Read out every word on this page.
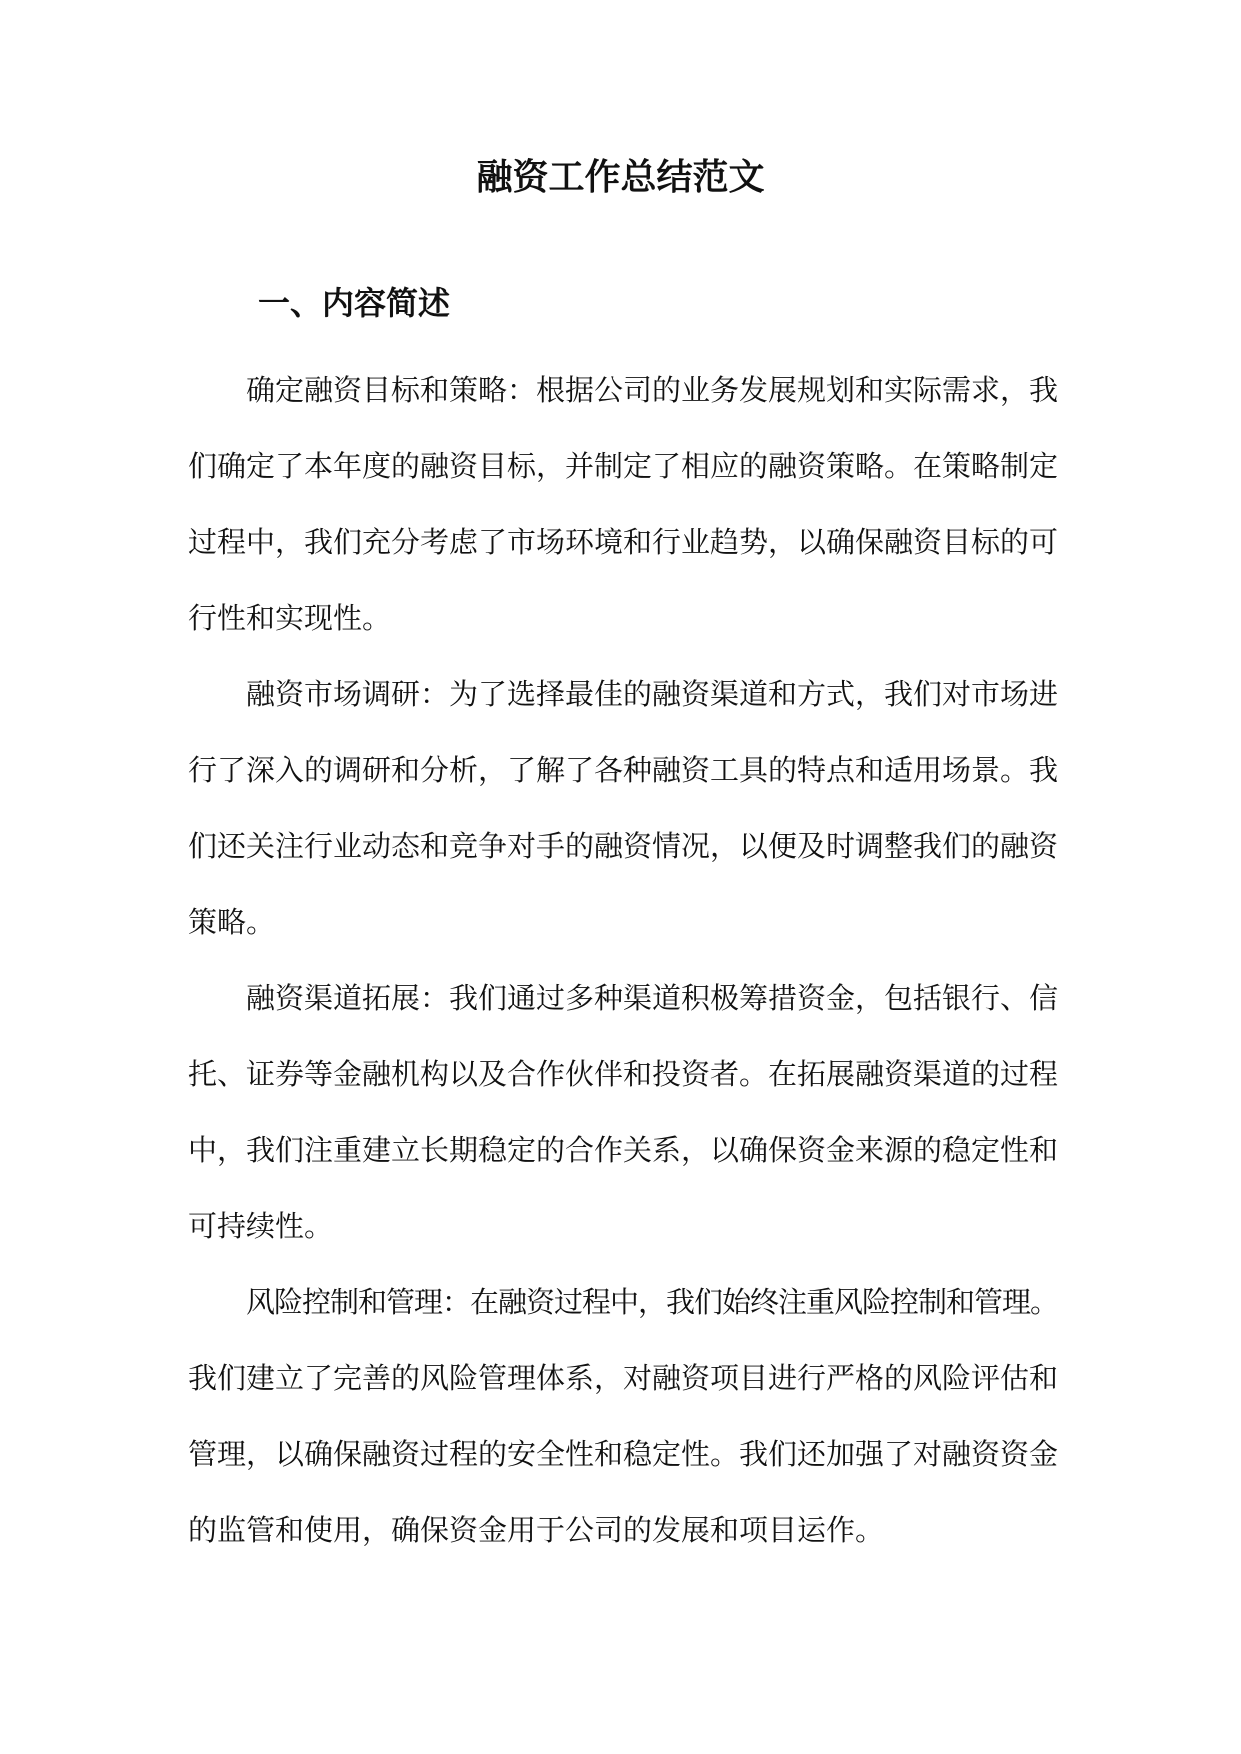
融资工作总结范文
一、内容简述
确定融资目标和策略：根据公司的业务发展规划和实际需求，我
们确定了本年度的融资目标，并制定了相应的融资策略。在策略制定
过程中，我们充分考虑了市场环境和行业趋势，以确保融资目标的可
行性和实现性。
融资市场调研：为了选择最佳的融资渠道和方式，我们对市场进
行了深入的调研和分析，了解了各种融资工具的特点和适用场景。我
们还关注行业动态和竞争对手的融资情况，以便及时调整我们的融资
策略。
融资渠道拓展：我们通过多种渠道积极筹措资金，包括银行、信
托、证券等金融机构以及合作伙伴和投资者。在拓展融资渠道的过程
中，我们注重建立长期稳定的合作关系，以确保资金来源的稳定性和
可持续性。
风险控制和管理：在融资过程中，我们始终注重风险控制和管理。
我们建立了完善的风险管理体系，对融资项目进行严格的风险评估和
管理，以确保融资过程的安全性和稳定性。我们还加强了对融资资金
的监管和使用，确保资金用于公司的发展和项目运作。
